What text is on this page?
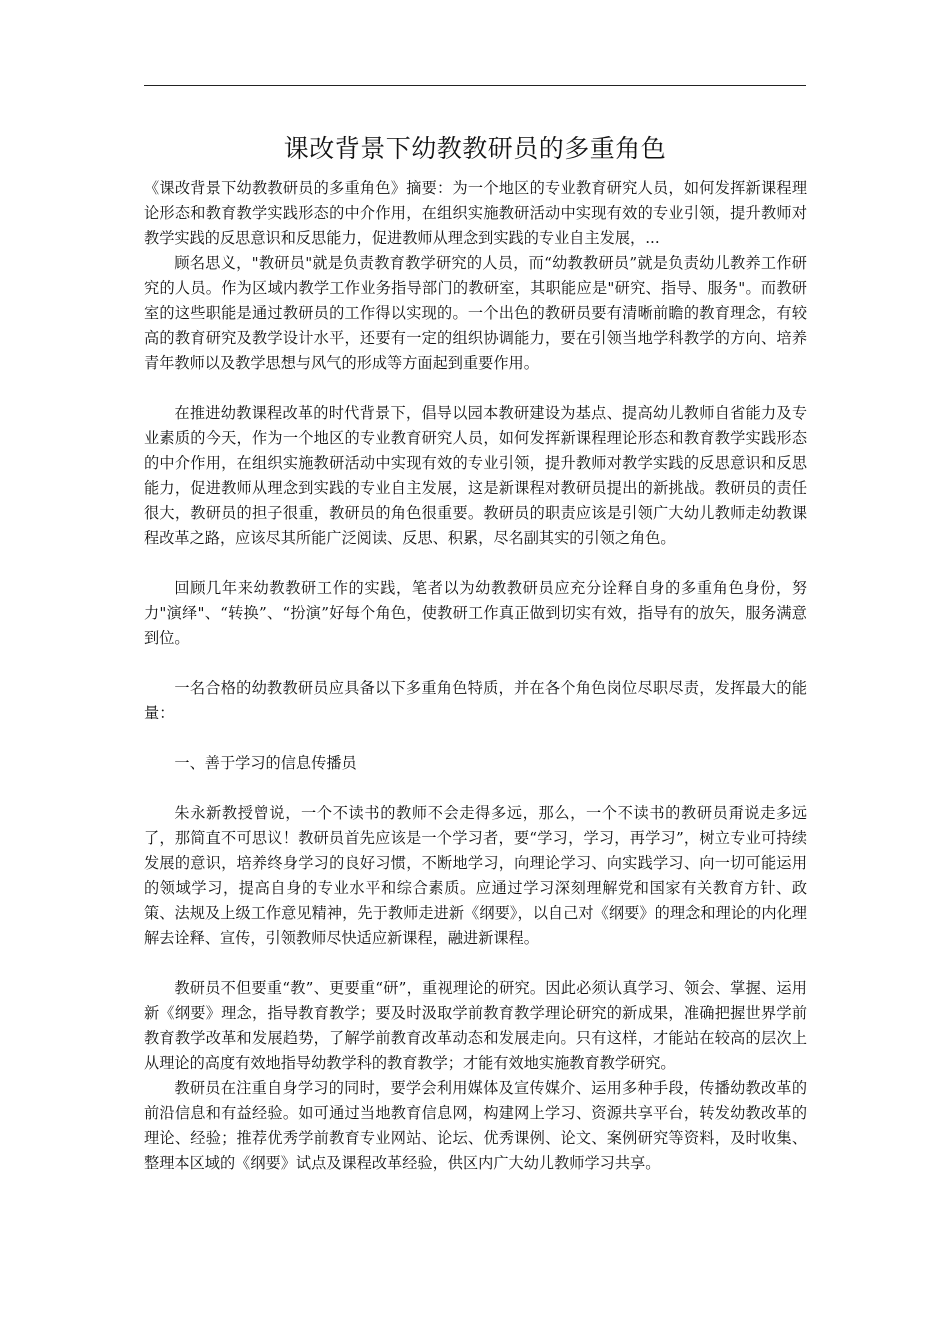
课改背景下幼教教研员的多重角色

《课改背景下幼教教研员的多重角色》摘要：为一个地区的专业教育研究人员，如何发挥新课程理论形态和教育教学实践形态的中介作用，在组织实施教研活动中实现有效的专业引领，提升教师对教学实践的反思意识和反思能力，促进教师从理念到实践的专业自主发展，...

顾名思义，"教研员"就是负责教育教学研究的人员，而“幼教教研员”就是负责幼儿教养工作研究的人员。作为区域内教学工作业务指导部门的教研室，其职能应是"研究、指导、服务"。而教研室的这些职能是通过教研员的工作得以实现的。一个出色的教研员要有清晰前瞻的教育理念，有较高的教育研究及教学设计水平，还要有一定的组织协调能力，要在引领当地学科教学的方向、培养青年教师以及教学思想与风气的形成等方面起到重要作用。

在推进幼教课程改革的时代背景下，倡导以园本教研建设为基点、提高幼儿教师自省能力及专业素质的今天，作为一个地区的专业教育研究人员，如何发挥新课程理论形态和教育教学实践形态的中介作用，在组织实施教研活动中实现有效的专业引领，提升教师对教学实践的反思意识和反思能力，促进教师从理念到实践的专业自主发展，这是新课程对教研员提出的新挑战。教研员的责任很大，教研员的担子很重，教研员的角色很重要。教研员的职责应该是引领广大幼儿教师走幼教课程改革之路，应该尽其所能广泛阅读、反思、积累，尽名副其实的引领之角色。

回顾几年来幼教教研工作的实践，笔者以为幼教教研员应充分诠释自身的多重角色身份，努力"演绎"、“转换”、“扮演”好每个角色，使教研工作真正做到切实有效，指导有的放矢，服务满意到位。

一名合格的幼教教研员应具备以下多重角色特质，并在各个角色岗位尽职尽责，发挥最大的能量：

一、善于学习的信息传播员

朱永新教授曾说，一个不读书的教师不会走得多远，那么，一个不读书的教研员甭说走多远了，那简直不可思议！教研员首先应该是一个学习者，要“学习，学习，再学习”，树立专业可持续发展的意识，培养终身学习的良好习惯，不断地学习，向理论学习、向实践学习、向一切可能运用的领域学习，提高自身的专业水平和综合素质。应通过学习深刻理解党和国家有关教育方针、政策、法规及上级工作意见精神，先于教师走进新《纲要》，以自己对《纲要》的理念和理论的内化理解去诠释、宣传，引领教师尽快适应新课程，融进新课程。

教研员不但要重“教”、更要重“研”，重视理论的研究。因此必须认真学习、领会、掌握、运用新《纲要》理念，指导教育教学；要及时汲取学前教育教学理论研究的新成果，准确把握世界学前教育教学改革和发展趋势，了解学前教育改革动态和发展走向。只有这样，才能站在较高的层次上从理论的高度有效地指导幼教学科的教育教学；才能有效地实施教育教学研究。

教研员在注重自身学习的同时，要学会利用媒体及宣传媒介、运用多种手段，传播幼教改革的前沿信息和有益经验。如可通过当地教育信息网，构建网上学习、资源共享平台，转发幼教改革的理论、经验；推荐优秀学前教育专业网站、论坛、优秀课例、论文、案例研究等资料，及时收集、整理本区域的《纲要》试点及课程改革经验，供区内广大幼儿教师学习共享。
